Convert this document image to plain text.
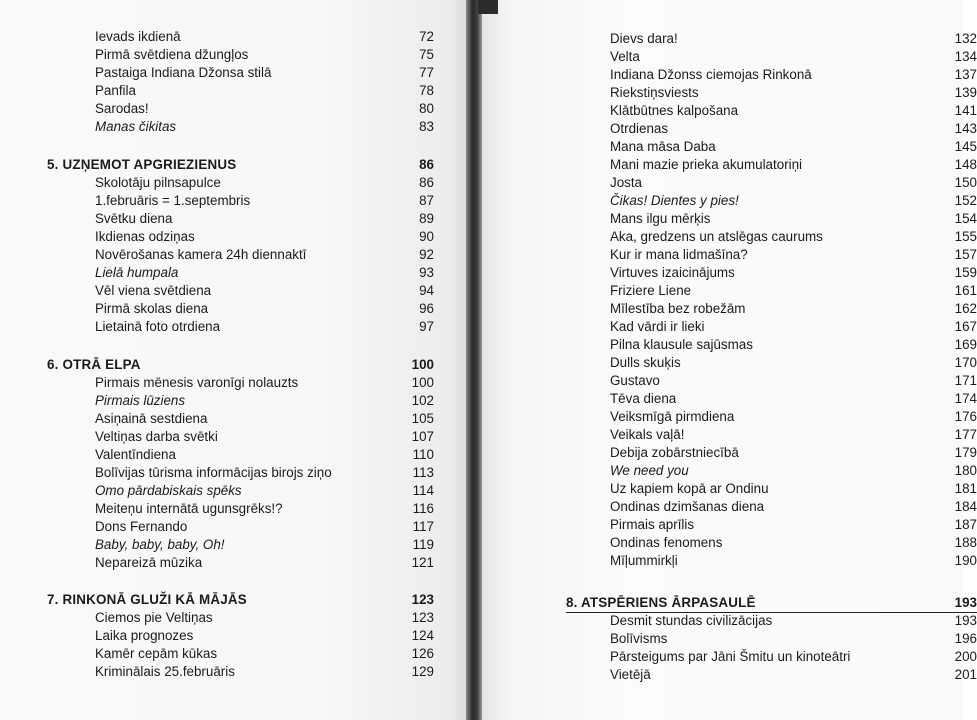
Ievads ikdienā	72
Pirmā svētdiena džungļos	75
Pastaiga Indiana Džonsa stilā	77
Panfila	78
Sarodas!	80
Manas čikitas	83
5. UZŅEMOT APGRIEZIENUS	86
Skolotāju pilnsapulce	86
1.februāris = 1.septembris	87
Svētku diena	89
Ikdienas odziņas	90
Novērošanas kamera 24h diennaktī	92
Lielā humpala	93
Vēl viena svētdiena	94
Pirmā skolas diena	96
Lietainā foto otrdiena	97
6. OTRĀ ELPA	100
Pirmais mēnesis varonīgi nolauzts	100
Pirmais lūziens	102
Asiņainā sestdiena	105
Veltiņas darba svētki	107
Valentīndiena	110
Bolīvijas tūrisma informācijas birojs ziņo	113
Omo pārdabiskais spēks	114
Meiteņu internātā ugunsgrēks!?	116
Dons Fernando	117
Baby, baby, baby, Oh!	119
Nepareizā mūzika	121
7. RINKONĀ GLUŽI KĀ MĀJĀS	123
Ciemos pie Veltiņas	123
Laika prognozes	124
Kamēr cepām kūkas	126
Kriminālais 25.februāris	129
Dievs dara!	132
Velta	134
Indiana Džonss ciemojas Rinkonā	137
Riekstiņsviests	139
Klātbūtnes kalpošana	141
Otrdienas	143
Mana māsa Daba	145
Mani mazie prieka akumulatoriņi	148
Josta	150
Čikas! Dientes y pies!	152
Mans ilgu mērķis	154
Aka, gredzens un atslēgas caurums	155
Kur ir mana lidmašīna?	157
Virtuves izaicinājums	159
Friziere Liene	161
Mīlestība bez robežām	162
Kad vārdi ir lieki	167
Pilna klausule sajūsmas	169
Dulls skuķis	170
Gustavo	171
Tēva diena	174
Veiksmīgā pirmdiena	176
Veikals vaļā!	177
Debija zobārstniecībā	179
We need you	180
Uz kapiem kopā ar Ondinu	181
Ondinas dzimšanas diena	184
Pirmais aprīlis	187
Ondinas fenomens	188
Mīļummirkļi	190
8. ATSPĒRIENS ĀRPASAULĒ	193
Desmit stundas civilizācijas	193
Bolīvisms	196
Pārsteigums par Jāni Šmitu un kinoteātri	200
Vietējā	201
